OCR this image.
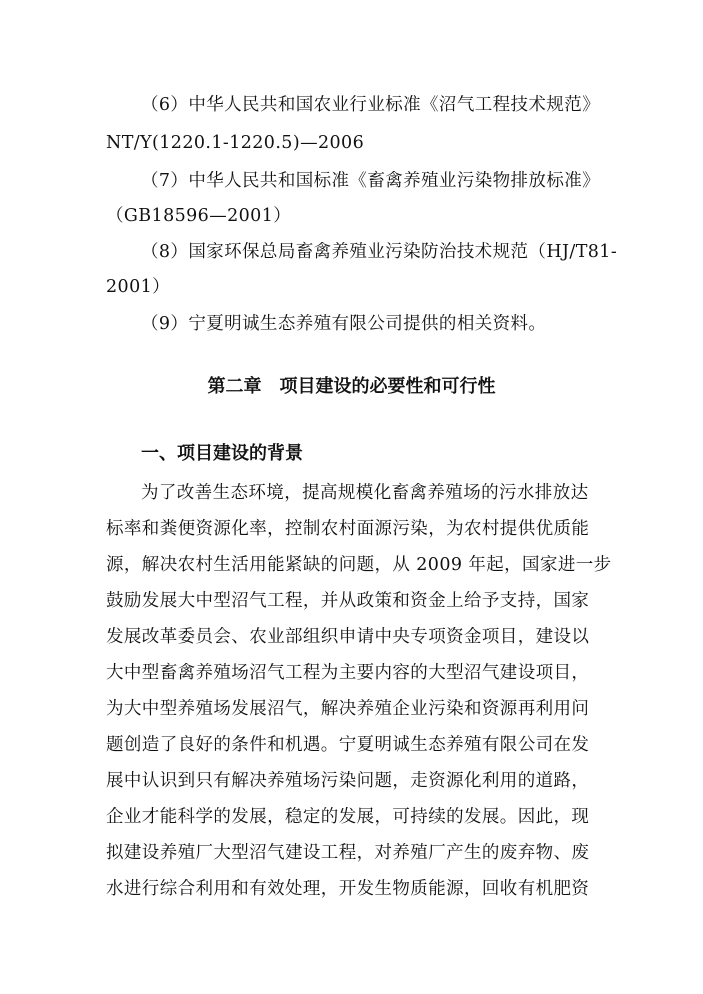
（6）中华人民共和国农业行业标准《沼气工程技术规范》
NT/Y(1220.1-1220.5)—2006
（7）中华人民共和国标准《畜禽养殖业污染物排放标准》
（GB18596—2001）
（8）国家环保总局畜禽养殖业污染防治技术规范（HJ/T81-
2001）
（9）宁夏明诚生态养殖有限公司提供的相关资料。
第二章　项目建设的必要性和可行性
一、项目建设的背景
为了改善生态环境，提高规模化畜禽养殖场的污水排放达
标率和粪便资源化率，控制农村面源污染，为农村提供优质能
源，解决农村生活用能紧缺的问题，从 2009 年起，国家进一步
鼓励发展大中型沼气工程，并从政策和资金上给予支持，国家
发展改革委员会、农业部组织申请中央专项资金项目，建设以
大中型畜禽养殖场沼气工程为主要内容的大型沼气建设项目，
为大中型养殖场发展沼气，解决养殖企业污染和资源再利用问
题创造了良好的条件和机遇。宁夏明诚生态养殖有限公司在发
展中认识到只有解决养殖场污染问题，走资源化利用的道路，
企业才能科学的发展，稳定的发展，可持续的发展。因此，现
拟建设养殖厂大型沼气建设工程，对养殖厂产生的废弃物、废
水进行综合利用和有效处理，开发生物质能源，回收有机肥资
